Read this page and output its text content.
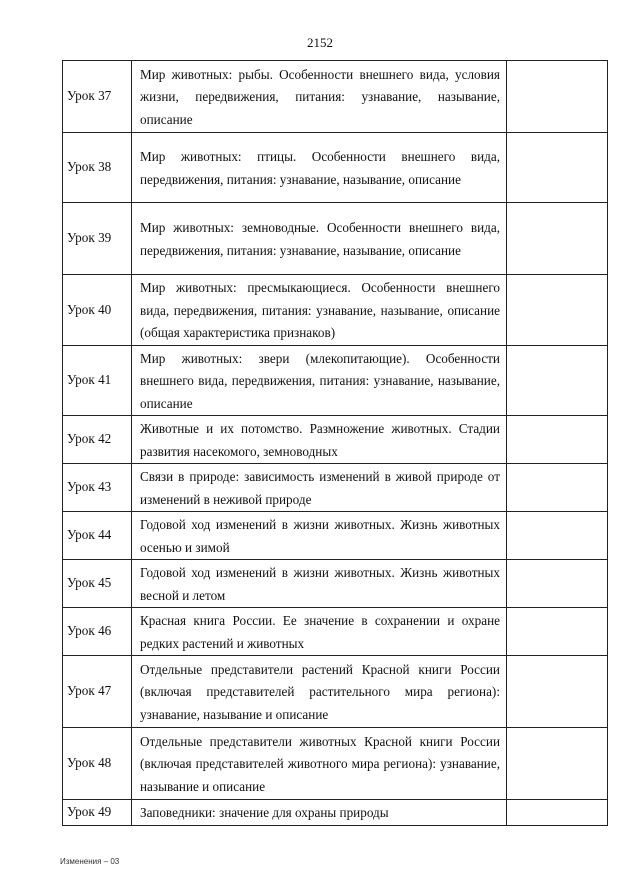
2152
Урок 37	Мир животных: рыбы. Особенности внешнего вида, условия жизни, передвижения, питания: узнавание, называние, описание	
Урок 38	Мир животных: птицы. Особенности внешнего вида, передвижения, питания: узнавание, называние, описание	
Урок 39	Мир животных: земноводные. Особенности внешнего вида, передвижения, питания: узнавание, называние, описание	
Урок 40	Мир животных: пресмыкающиеся. Особенности внешнего вида, передвижения, питания: узнавание, называние, описание (общая характеристика признаков)	
Урок 41	Мир животных: звери (млекопитающие). Особенности внешнего вида, передвижения, питания: узнавание, называние, описание	
Урок 42	Животные и их потомство. Размножение животных. Стадии развития насекомого, земноводных	
Урок 43	Связи в природе: зависимость изменений в живой природе от изменений в неживой природе	
Урок 44	Годовой ход изменений в жизни животных. Жизнь животных осенью и зимой	
Урок 45	Годовой ход изменений в жизни животных. Жизнь животных весной и летом	
Урок 46	Красная книга России. Ее значение в сохранении и охране редких растений и животных	
Урок 47	Отдельные представители растений Красной книги России (включая представителей растительного мира региона): узнавание, называние и описание	
Урок 48	Отдельные представители животных Красной книги России (включая представителей животного мира региона): узнавание, называние и описание	
Урок 49	Заповедники: значение для охраны природы	
Изменения – 03
